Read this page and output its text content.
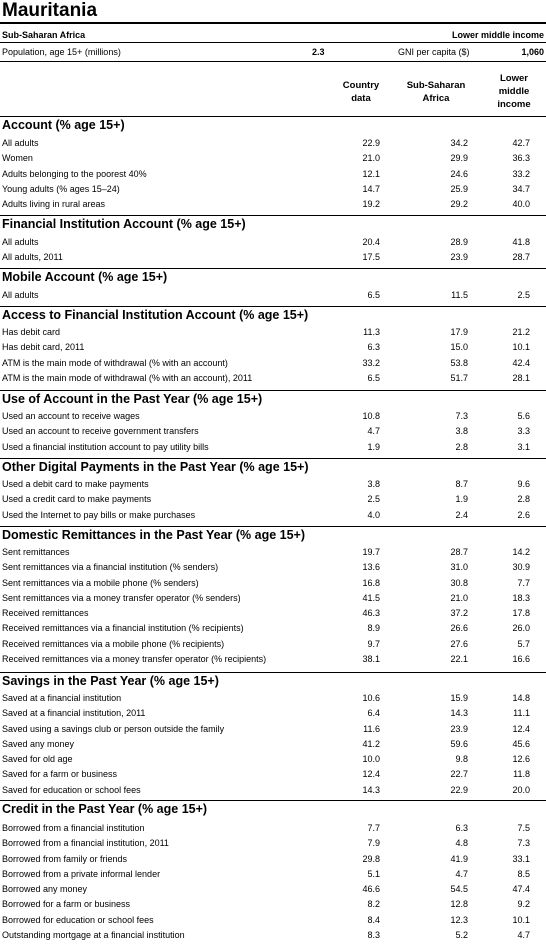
Mauritania
Sub-Saharan Africa	Lower middle income
Population, age 15+ (millions)	2.3	GNI per capita ($)	1,060
Country data
Sub-Saharan Africa
Lower middle income
Account (% age 15+)
All adults	22.9	34.2	42.7
Women	21.0	29.9	36.3
Adults belonging to the poorest 40%	12.1	24.6	33.2
Young adults (% ages 15–24)	14.7	25.9	34.7
Adults living in rural areas	19.2	29.2	40.0
Financial Institution Account (% age 15+)
All adults	20.4	28.9	41.8
All adults, 2011	17.5	23.9	28.7
Mobile Account (% age 15+)
All adults	6.5	11.5	2.5
Access to Financial Institution Account (% age 15+)
Has debit card	11.3	17.9	21.2
Has debit card, 2011	6.3	15.0	10.1
ATM is the main mode of withdrawal (% with an account)	33.2	53.8	42.4
ATM is the main mode of withdrawal (% with an account), 2011	6.5	51.7	28.1
Use of Account in the Past Year (% age 15+)
Used an account to receive wages	10.8	7.3	5.6
Used an account to receive government transfers	4.7	3.8	3.3
Used a financial institution account to pay utility bills	1.9	2.8	3.1
Other Digital Payments in the Past Year (% age 15+)
Used a debit card to make payments	3.8	8.7	9.6
Used a credit card to make payments	2.5	1.9	2.8
Used the Internet to pay bills or make purchases	4.0	2.4	2.6
Domestic Remittances in the Past Year (% age 15+)
Sent remittances	19.7	28.7	14.2
Sent remittances via a financial institution (% senders)	13.6	31.0	30.9
Sent remittances via a mobile phone (% senders)	16.8	30.8	7.7
Sent remittances via a money transfer operator (% senders)	41.5	21.0	18.3
Received remittances	46.3	37.2	17.8
Received remittances via a financial institution (% recipients)	8.9	26.6	26.0
Received remittances via a mobile phone (% recipients)	9.7	27.6	5.7
Received remittances via a money transfer operator (% recipients)	38.1	22.1	16.6
Savings in the Past Year (% age 15+)
Saved at a financial institution	10.6	15.9	14.8
Saved at a financial institution, 2011	6.4	14.3	11.1
Saved using a savings club or person outside the family	11.6	23.9	12.4
Saved any money	41.2	59.6	45.6
Saved for old age	10.0	9.8	12.6
Saved for a farm or business	12.4	22.7	11.8
Saved for education or school fees	14.3	22.9	20.0
Credit in the Past Year (% age 15+)
Borrowed from a financial institution	7.7	6.3	7.5
Borrowed from a financial institution, 2011	7.9	4.8	7.3
Borrowed from family or friends	29.8	41.9	33.1
Borrowed from a private informal lender	5.1	4.7	8.5
Borrowed any money	46.6	54.5	47.4
Borrowed for a farm or business	8.2	12.8	9.2
Borrowed for education or school fees	8.4	12.3	10.1
Outstanding mortgage at a financial institution	8.3	5.2	4.7
